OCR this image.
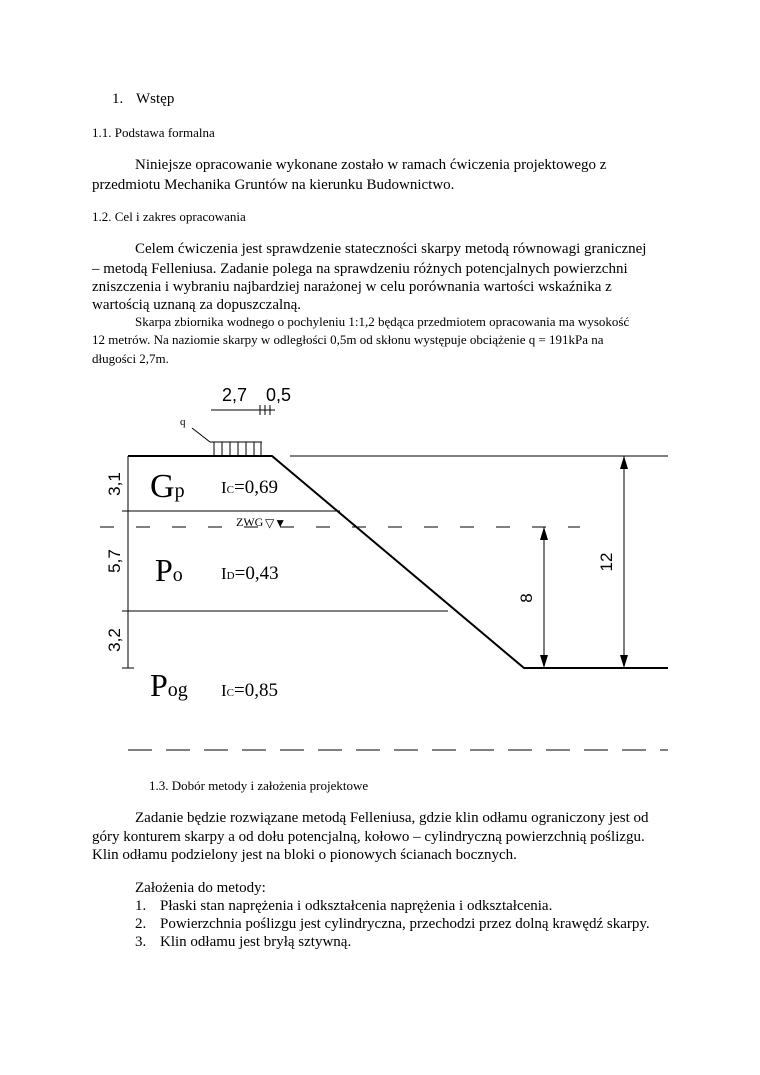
1. Wstęp
1.1. Podstawa formalna
Niniejsze opracowanie wykonane zostało w ramach ćwiczenia projektowego z
przedmiotu Mechanika Gruntów na kierunku Budownictwo.
1.2. Cel i zakres opracowania
Celem ćwiczenia jest sprawdzenie stateczności skarpy metodą równowagi granicznej
– metodą Felleniusa. Zadanie polega na sprawdzeniu różnych potencjalnych powierzchni
zniszczenia i wybraniu najbardziej narażonej w celu porównania wartości wskaźnika z
wartością uznaną za dopuszczalną.
Skarpa zbiornika wodnego o pochyleniu 1:1,2 będąca przedmiotem opracowania ma wysokość
12 metrów. Na naziomie skarpy w odległości 0,5m od skłonu występuje obciążenie q = 191kPa na
długości 2,7m.
2,7 0,5
q
3,1
5,7
3,2
8
12
Gp
Po
Pog
IC=0,69
ID=0,43
IC=0,85
ZWG ▽▼
1.3. Dobór metody i założenia projektowe
Zadanie będzie rozwiązane metodą Felleniusa, gdzie klin odłamu ograniczony jest od
góry konturem skarpy a od dołu potencjalną, kołowo – cylindryczną powierzchnią poślizgu.
Klin odłamu podzielony jest na bloki o pionowych ścianach bocznych.
Założenia do metody:
1. Płaski stan naprężenia i odkształcenia naprężenia i odkształcenia.
2. Powierzchnia poślizgu jest cylindryczna, przechodzi przez dolną krawędź skarpy.
3. Klin odłamu jest bryłą sztywną.
